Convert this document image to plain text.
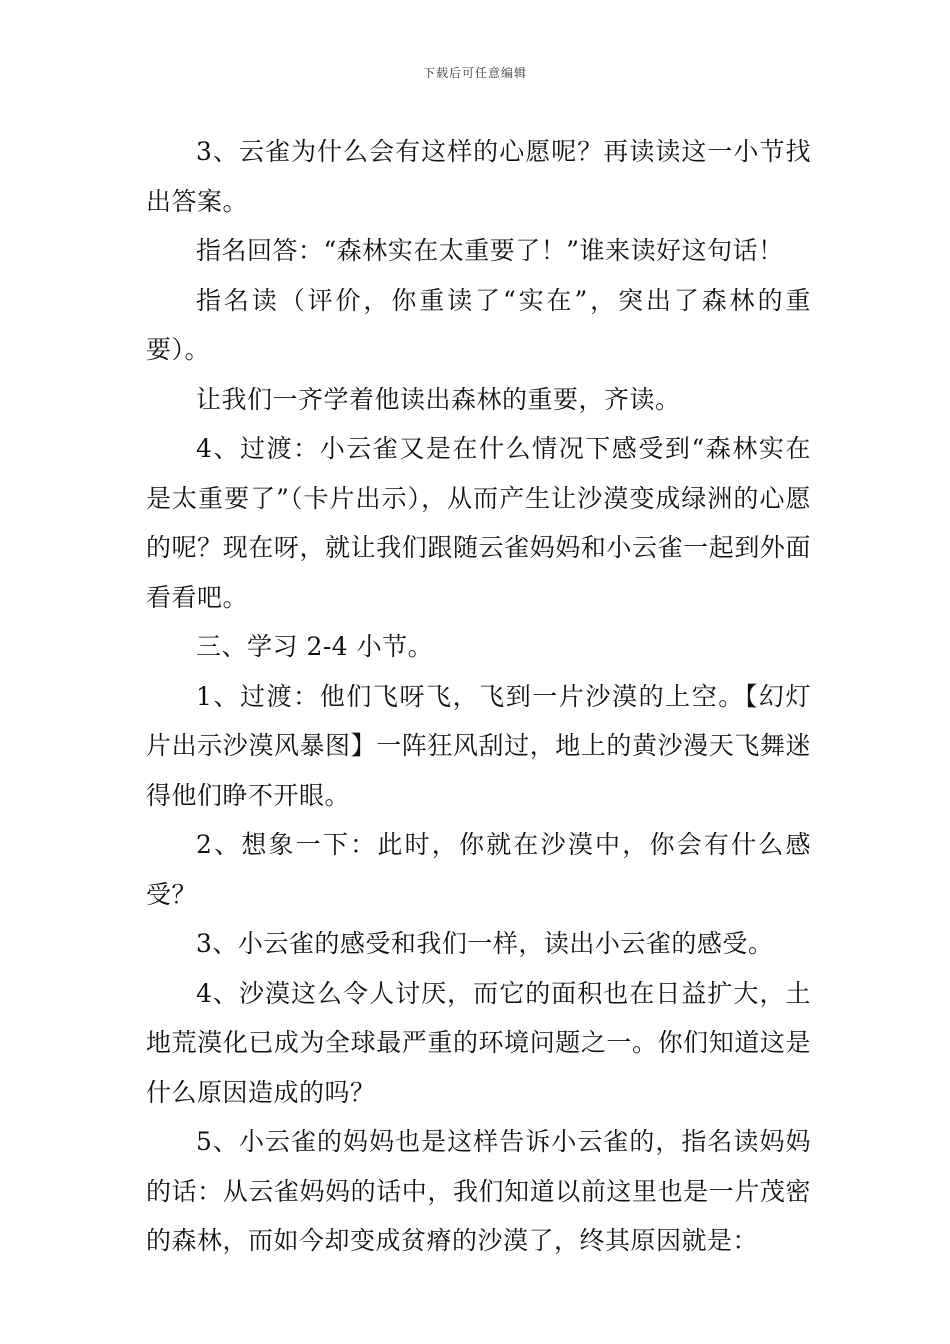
下载后可任意编辑

3、云雀为什么会有这样的心愿呢？再读读这一小节找出答案。

指名回答：“森林实在太重要了！”谁来读好这句话！

指名读（评价，你重读了“实在”，突出了森林的重要）。

让我们一齐学着他读出森林的重要，齐读。

4、过渡：小云雀又是在什么情况下感受到“森林实在是太重要了”（卡片出示），从而产生让沙漠变成绿洲的心愿的呢？现在呀，就让我们跟随云雀妈妈和小云雀一起到外面看看吧。

三、学习 2-4 小节。

1、过渡：他们飞呀飞，飞到一片沙漠的上空。【幻灯片出示沙漠风暴图】一阵狂风刮过，地上的黄沙漫天飞舞迷得他们睁不开眼。

2、想象一下：此时，你就在沙漠中，你会有什么感受？

3、小云雀的感受和我们一样，读出小云雀的感受。

4、沙漠这么令人讨厌，而它的面积也在日益扩大，土地荒漠化已成为全球最严重的环境问题之一。你们知道这是什么原因造成的吗？

5、小云雀的妈妈也是这样告诉小云雀的，指名读妈妈的话：从云雀妈妈的话中，我们知道以前这里也是一片茂密的森林，而如今却变成贫瘠的沙漠了，终其原因就是：
